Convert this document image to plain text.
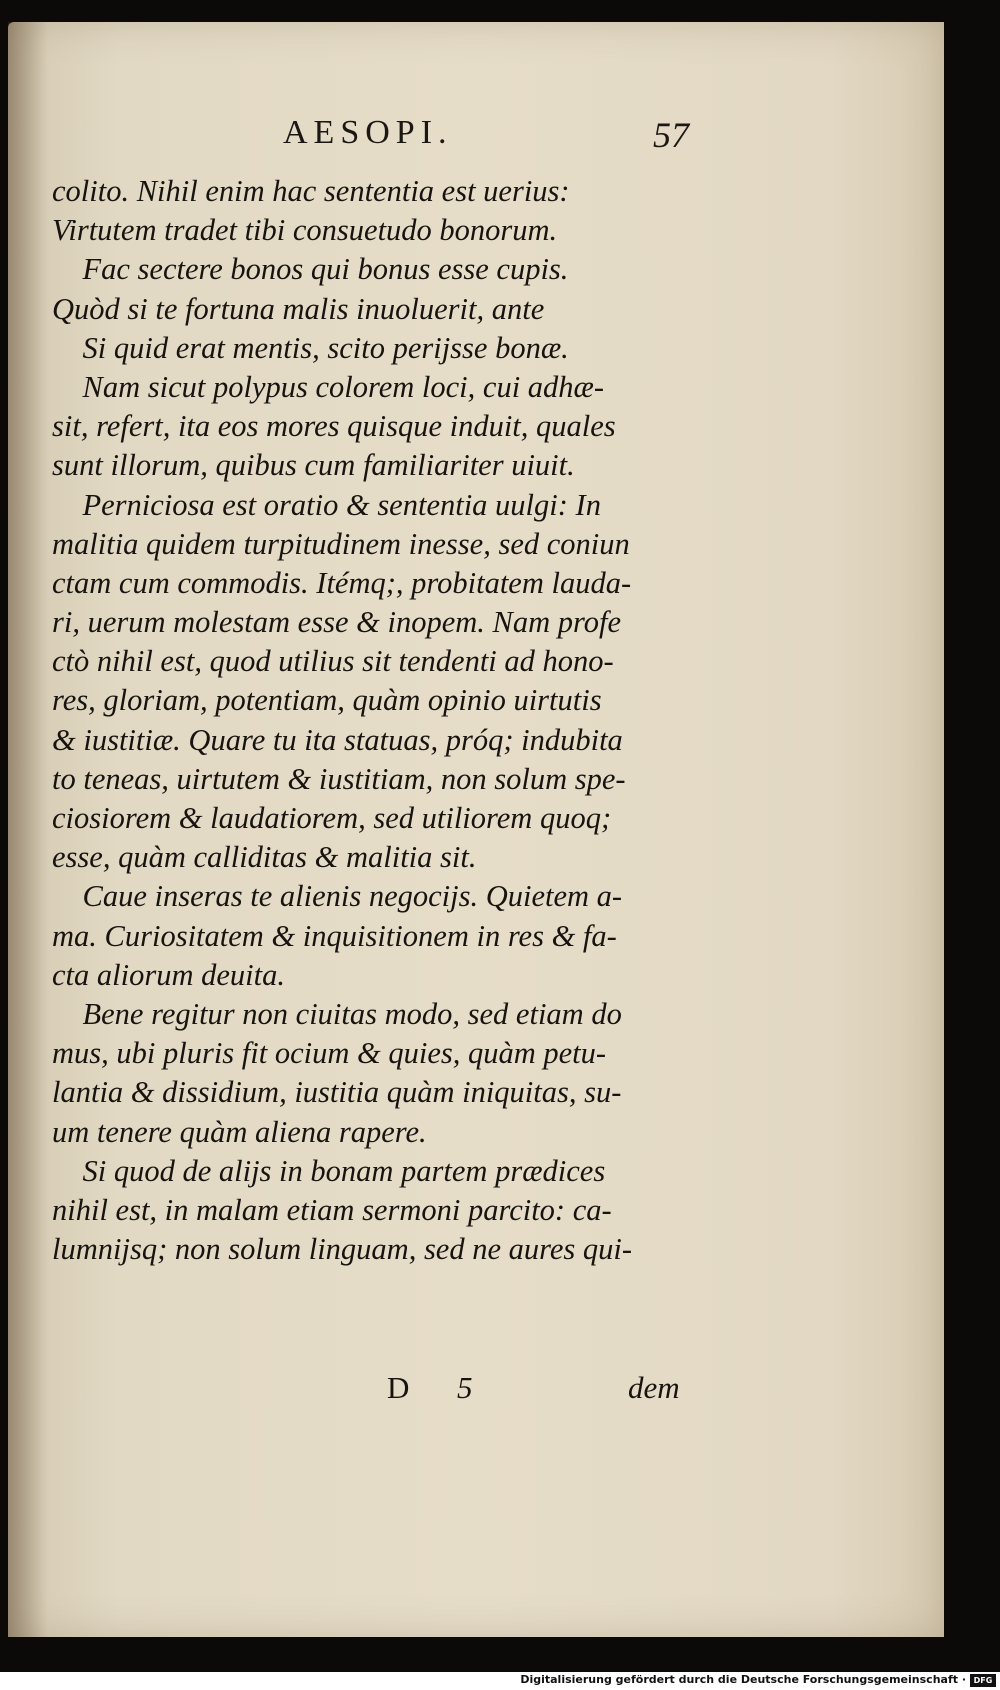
AESOPI.	57
colito. Nihil enim hac sententia est uerius:
Virtutem tradet tibi consuetudo bonorum.
Fac sectere bonos qui bonus esse cupis.
Quòd si te fortuna malis inuoluerit, ante
Si quid erat mentis, scito perijsse bonæ.
Nam sicut polypus colorem loci, cui adhæ-
sit, refert, ita eos mores quisque induit, quales
sunt illorum, quibus cum familiariter uiuit.
Perniciosa est oratio & sententia uulgi: In
malitia quidem turpitudinem inesse, sed coniun
ctam cum commodis. Itémq;, probitatem lauda-
ri, uerum molestam esse & inopem. Nam profe
ctò nihil est, quod utilius sit tendenti ad hono-
res, gloriam, potentiam, quàm opinio uirtutis
& iustitiæ. Quare tu ita statuas, próq; indubita
to teneas, uirtutem & iustitiam, non solum spe-
ciosiorem & laudatiorem, sed utiliorem quoq;
esse, quàm calliditas & malitia sit.
Caue inseras te alienis negocijs. Quietem a-
ma. Curiositatem & inquisitionem in res & fa-
cta aliorum deuita.
Bene regitur non ciuitas modo, sed etiam do
mus, ubi pluris fit ocium & quies, quàm petu-
lantia & dissidium, iustitia quàm iniquitas, su-
um tenere quàm aliena rapere.
Si quod de alijs in bonam partem prædices
nihil est, in malam etiam sermoni parcito: ca-
lumnijsq; non solum linguam, sed ne aures qui-
D 5	dem
Digitalisierung gefördert durch die Deutsche Forschungsgemeinschaft · DFG
